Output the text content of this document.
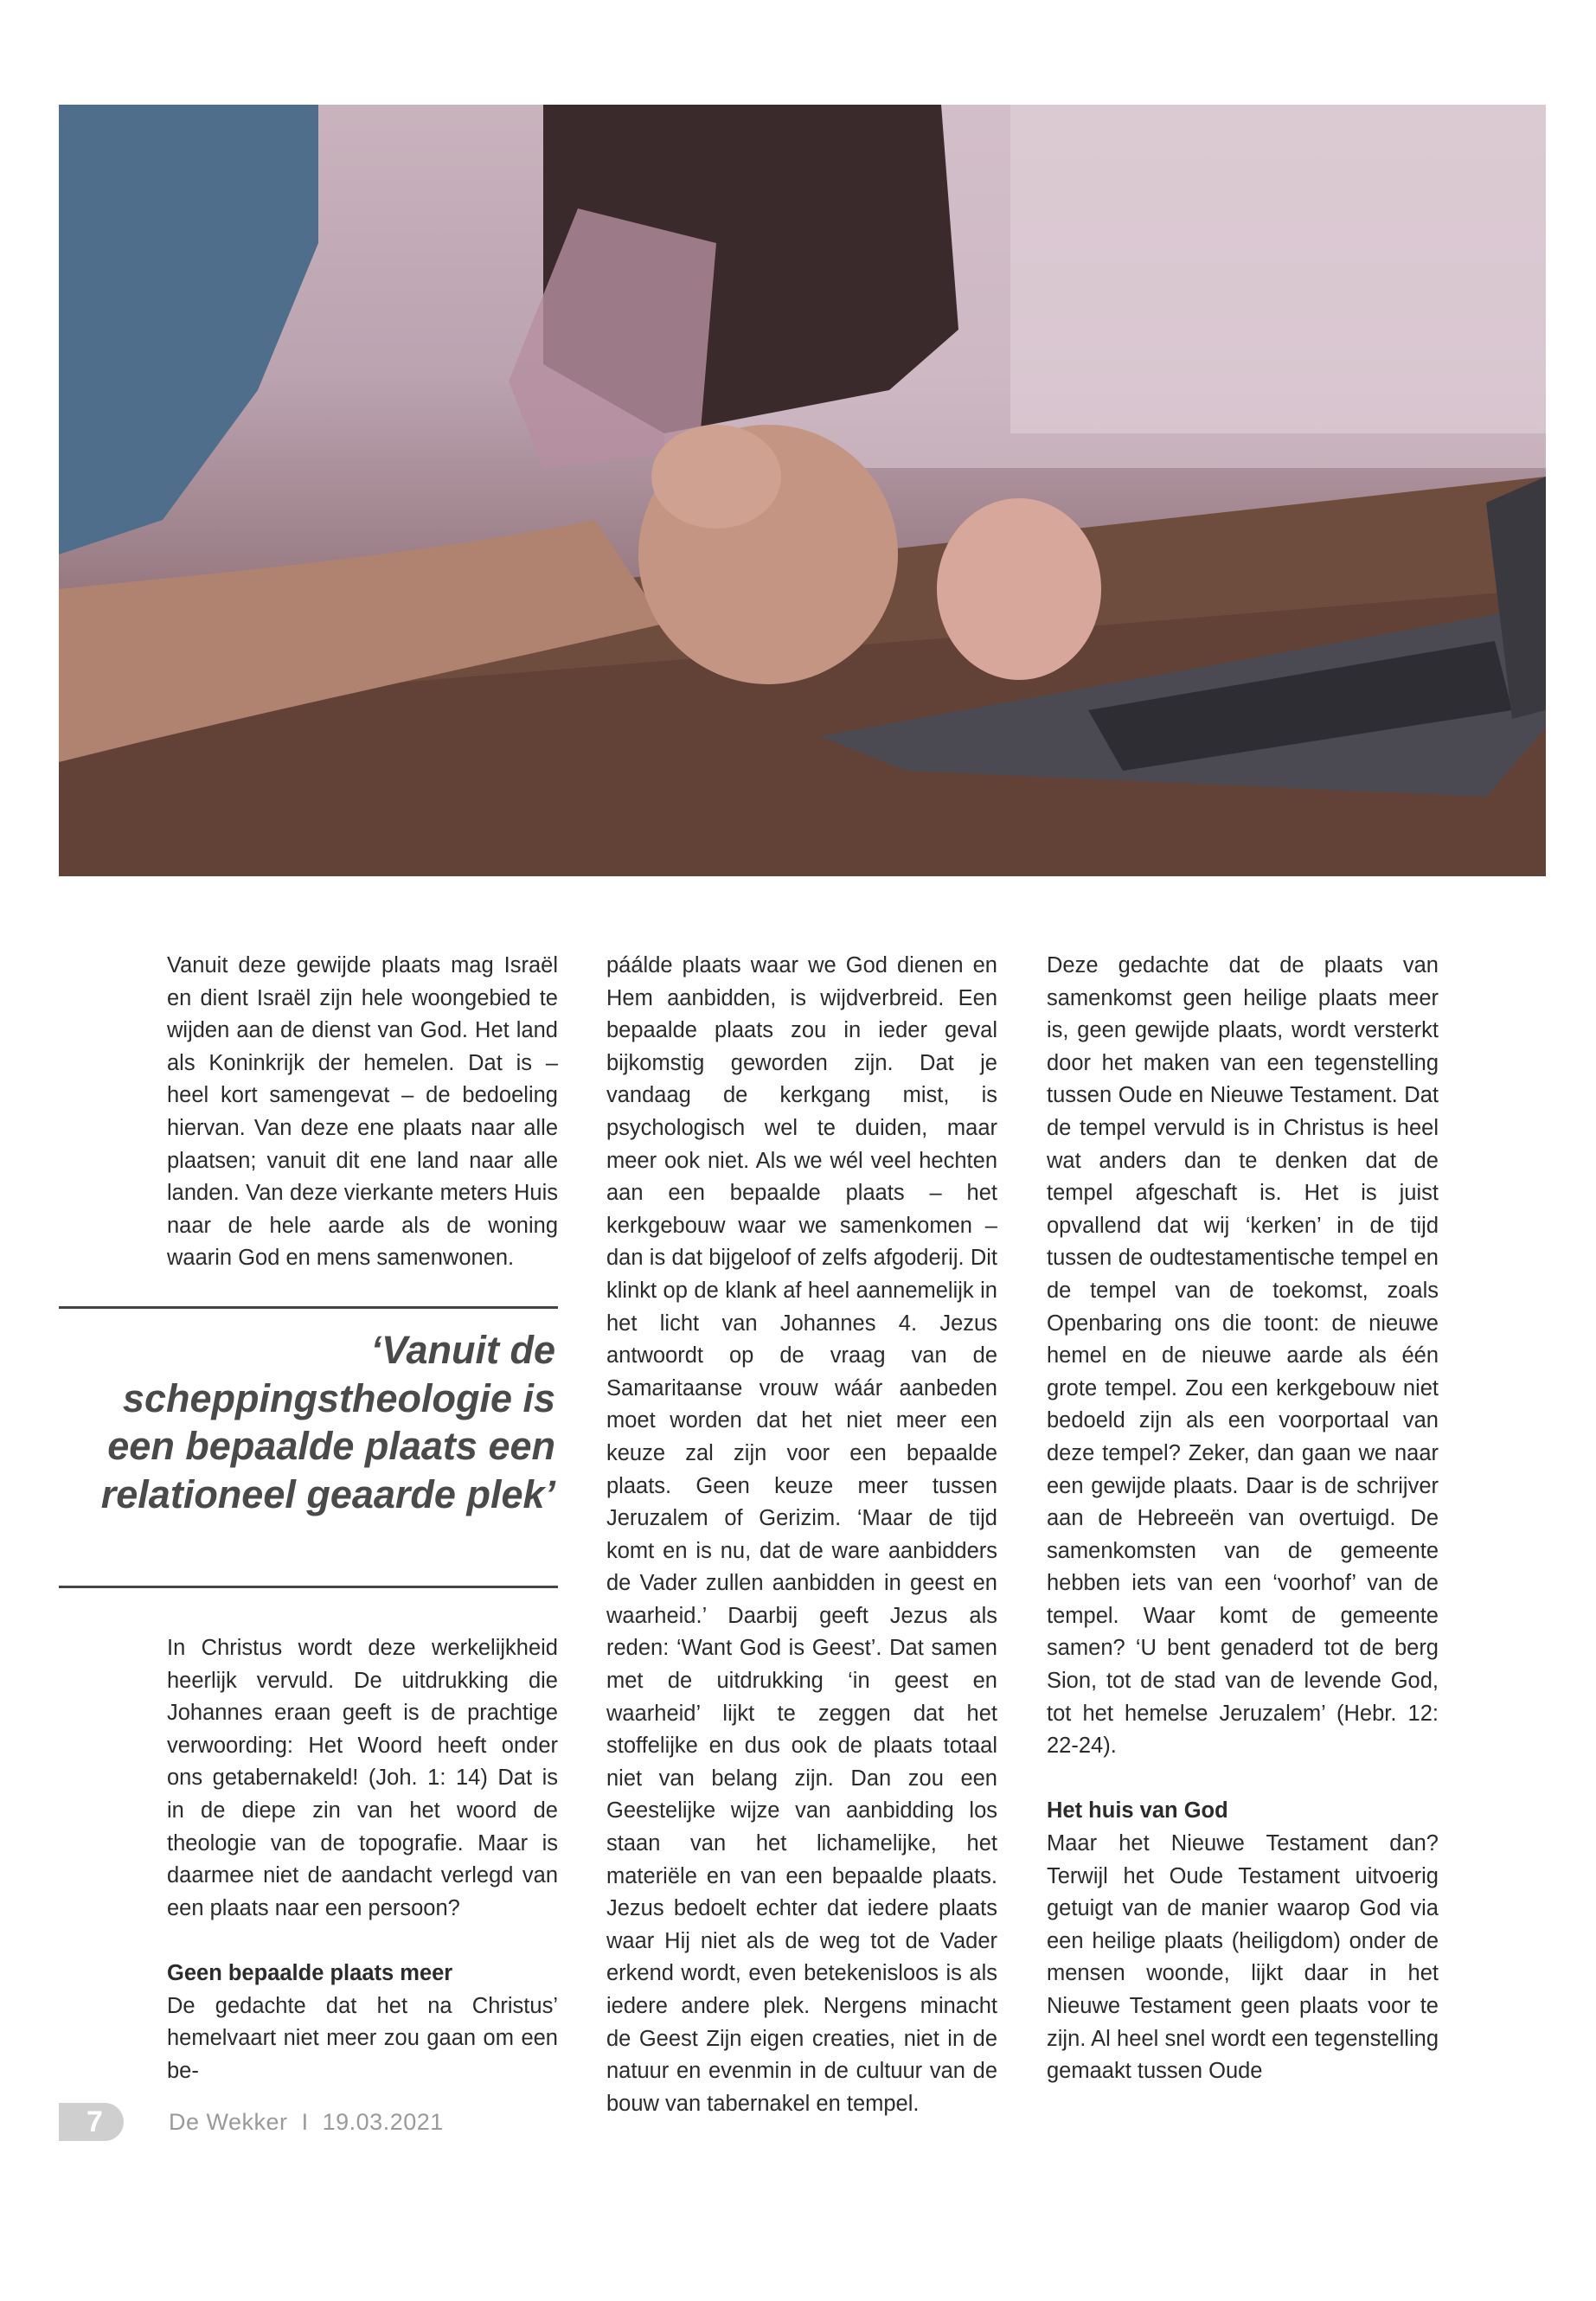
Vanuit deze gewijde plaats mag Israël en dient Israël zijn hele woongebied te wijden aan de dienst van God. Het land als Koninkrijk der hemelen. Dat is – heel kort samengevat – de bedoeling hiervan. Van deze ene plaats naar alle plaatsen; vanuit dit ene land naar alle landen. Van deze vierkante meters Huis naar de hele aarde als de woning waarin God en mens samenwonen.

‘Vanuit de scheppingstheologie is een bepaalde plaats een relationeel geaarde plek’

In Christus wordt deze werkelijkheid heerlijk vervuld. De uitdrukking die Johannes eraan geeft is de prachtige verwoording: Het Woord heeft onder ons getabernakeld! (Joh. 1: 14) Dat is in de diepe zin van het woord de theologie van de topografie. Maar is daarmee niet de aandacht verlegd van een plaats naar een persoon?

Geen bepaalde plaats meer

De gedachte dat het na Christus’ hemelvaart niet meer zou gaan om een be-

páálde plaats waar we God dienen en Hem aanbidden, is wijdverbreid. Een bepaalde plaats zou in ieder geval bijkomstig geworden zijn. Dat je vandaag de kerkgang mist, is psychologisch wel te duiden, maar meer ook niet. Als we wél veel hechten aan een bepaalde plaats – het kerkgebouw waar we samenkomen – dan is dat bijgeloof of zelfs afgoderij. Dit klinkt op de klank af heel aannemelijk in het licht van Johannes 4. Jezus antwoordt op de vraag van de Samaritaanse vrouw wáár aanbeden moet worden dat het niet meer een keuze zal zijn voor een bepaalde plaats. Geen keuze meer tussen Jeruzalem of Gerizim. ‘Maar de tijd komt en is nu, dat de ware aanbidders de Vader zullen aanbidden in geest en waarheid.’ Daarbij geeft Jezus als reden: ‘Want God is Geest’. Dat samen met de uitdrukking ‘in geest en waarheid’ lijkt te zeggen dat het stoffelijke en dus ook de plaats totaal niet van belang zijn. Dan zou een Geestelijke wijze van aanbidding los staan van het lichamelijke, het materiële en van een bepaalde plaats. Jezus bedoelt echter dat iedere plaats waar Hij niet als de weg tot de Vader erkend wordt, even betekenisloos is als iedere andere plek. Nergens minacht de Geest Zijn eigen creaties, niet in de natuur en evenmin in de cultuur van de bouw van tabernakel en tempel.

Deze gedachte dat de plaats van samenkomst geen heilige plaats meer is, geen gewijde plaats, wordt versterkt door het maken van een tegenstelling tussen Oude en Nieuwe Testament. Dat de tempel vervuld is in Christus is heel wat anders dan te denken dat de tempel afgeschaft is. Het is juist opvallend dat wij ‘kerken’ in de tijd tussen de oudtestamentische tempel en de tempel van de toekomst, zoals Openbaring ons die toont: de nieuwe hemel en de nieuwe aarde als één grote tempel. Zou een kerkgebouw niet bedoeld zijn als een voorportaal van deze tempel? Zeker, dan gaan we naar een gewijde plaats. Daar is de schrijver aan de Hebreeën van overtuigd. De samenkomsten van de gemeente hebben iets van een ‘voorhof’ van de tempel. Waar komt de gemeente samen? ‘U bent genaderd tot de berg Sion, tot de stad van de levende God, tot het hemelse Jeruzalem’ (Hebr. 12: 22-24).

Het huis van God

Maar het Nieuwe Testament dan? Terwijl het Oude Testament uitvoerig getuigt van de manier waarop God via een heilige plaats (heiligdom) onder de mensen woonde, lijkt daar in het Nieuwe Testament geen plaats voor te zijn. Al heel snel wordt een tegenstelling gemaakt tussen Oude

7	De Wekker I 19.03.2021
